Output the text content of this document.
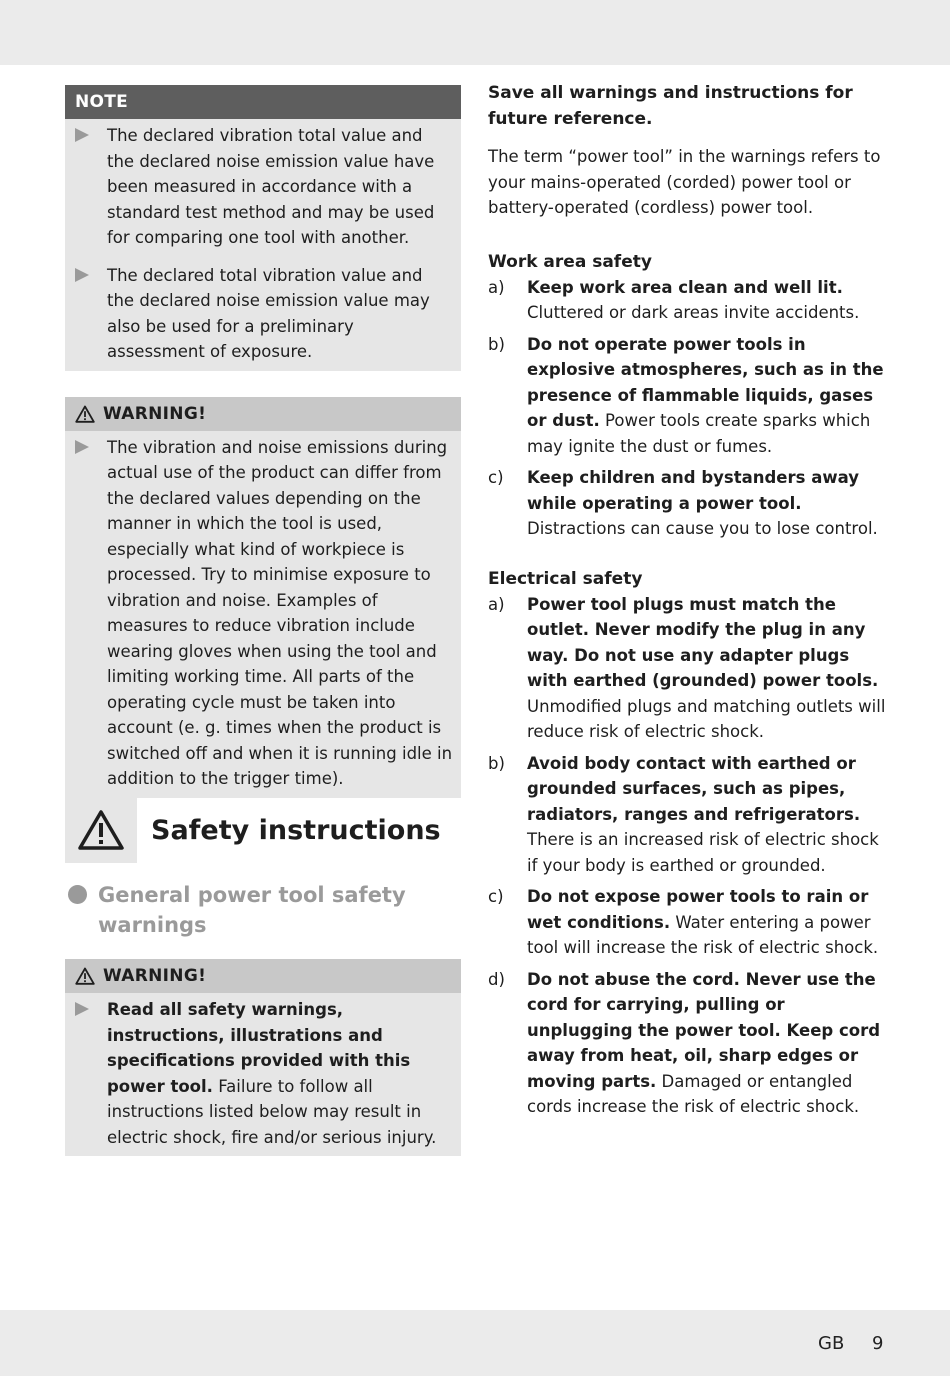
NOTE
The declared vibration total value and the declared noise emission value have been measured in accordance with a standard test method and may be used for comparing one tool with another.
The declared total vibration value and the declared noise emission value may also be used for a preliminary assessment of exposure.
WARNING!
The vibration and noise emissions during actual use of the product can differ from the declared values depending on the manner in which the tool is used, especially what kind of workpiece is processed. Try to minimise exposure to vibration and noise. Examples of measures to reduce vibration include wearing gloves when using the tool and limiting working time. All parts of the operating cycle must be taken into account (e. g. times when the product is switched off and when it is running idle in addition to the trigger time).
Safety instructions
General power tool safety warnings
WARNING!
Read all safety warnings, instructions, illustrations and specifications provided with this power tool. Failure to follow all instructions listed below may result in electric shock, fire and/or serious injury.

Save all warnings and instructions for future reference.

The term “power tool” in the warnings refers to your mains-operated (corded) power tool or battery-operated (cordless) power tool.

Work area safety

a)	Keep work area clean and well lit. Cluttered or dark areas invite accidents.
b)	Do not operate power tools in explosive atmospheres, such as in the presence of flammable liquids, gases or dust. Power tools create sparks which may ignite the dust or fumes.
c)	Keep children and bystanders away while operating a power tool. Distractions can cause you to lose control.

Electrical safety

a)	Power tool plugs must match the outlet. Never modify the plug in any way. Do not use any adapter plugs with earthed (grounded) power tools. Unmodified plugs and matching outlets will reduce risk of electric shock.
b)	Avoid body contact with earthed or grounded surfaces, such as pipes, radiators, ranges and refrigerators. There is an increased risk of electric shock if your body is earthed or grounded.
c)	Do not expose power tools to rain or wet conditions. Water entering a power tool will increase the risk of electric shock.
d)	Do not abuse the cord. Never use the cord for carrying, pulling or unplugging the power tool. Keep cord away from heat, oil, sharp edges or moving parts. Damaged or entangled cords increase the risk of electric shock.
GB 9
